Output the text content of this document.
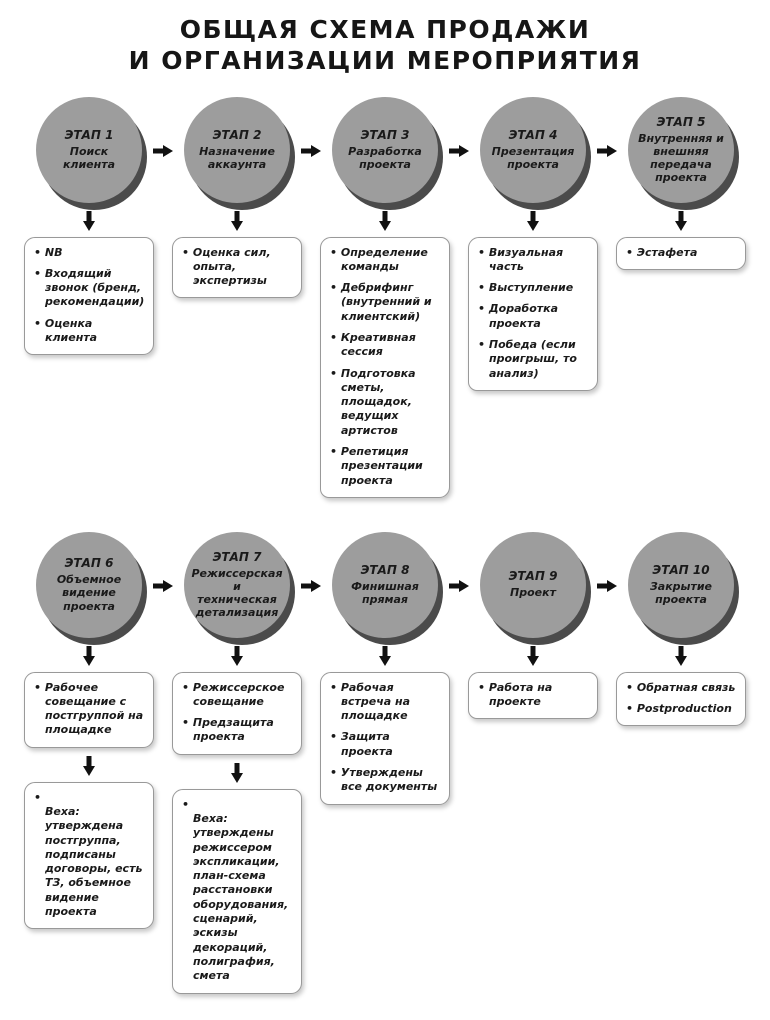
ОБЩАЯ СХЕМА ПРОДАЖИ
И ОРГАНИЗАЦИИ МЕРОПРИЯТИЯ
ЭТАП 1
Поиск клиента
• NB
• Входящий звонок (бренд, рекомендации)
• Оценка клиента
ЭТАП 2
Назначение аккаунта
• Оценка сил, опыта, экспертизы
ЭТАП 3
Разработка проекта
• Определение команды
• Дебрифинг (внутренний и клиентский)
• Креативная сессия
• Подготовка сметы, площадок, ведущих артистов
• Репетиция презентации проекта
ЭТАП 4
Презентация проекта
• Визуальная часть
• Выступление
• Доработка проекта
• Победа (если проигрыш, то анализ)
ЭТАП 5
Внутренняя и внешняя передача проекта
• Эстафета
ЭТАП 6
Объемное видение проекта
• Рабочее совещание с постгруппой на площадке
• Веха:
утверждена постгруппа, подписаны договоры, есть ТЗ, объемное видение проекта
ЭТАП 7
Режиссерская и техническая детализация
• Режиссерское совещание
• Предзащита проекта
• Веха:
утверждены режиссером экспликации, план-схема расстановки оборудования, сценарий, эскизы декораций, полиграфия, смета
ЭТАП 8
Финишная прямая
• Рабочая встреча на площадке
• Защита проекта
• Утверждены все документы
ЭТАП 9
Проект
• Работа на проекте
ЭТАП 10
Закрытие проекта
• Обратная связь
• Postproduction
